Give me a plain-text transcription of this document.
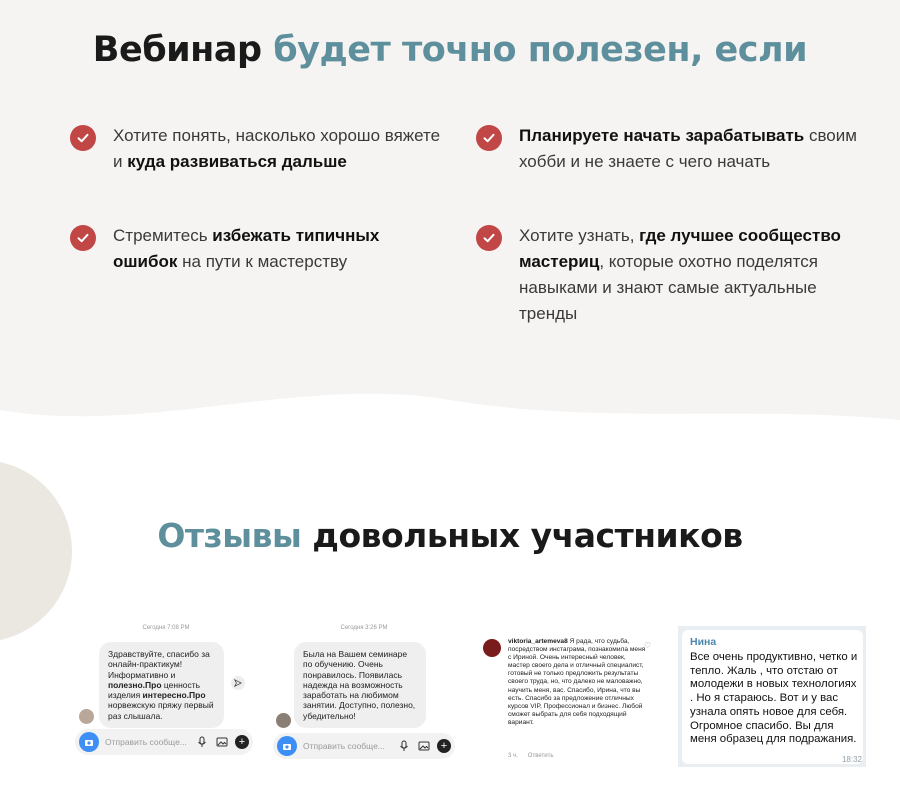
Вебинар будет точно полезен, если
Хотите понять, насколько хорошо вяжете и куда развиваться дальше
Планируете начать зарабатывать своим хобби и не знаете с чего начать
Стремитесь избежать типичных ошибок на пути к мастерству
Хотите узнать, где лучшее сообщество мастериц, которые охотно поделятся навыками и знают самые актуальные тренды
Отзывы довольных участников
Сегодня 7:08 PM
Здравствуйте, спасибо за онлайн-практикум! Информативно и полезно.Про ценность изделия интересно.Про норвежскую пряжу первый раз слышала.
Отправить сообще...	+
Сегодня 3:26 PM
Была на Вашем семинаре по обучению. Очень понравилось. Появилась надежда на возможность заработать на любимом занятии. Доступно, полезно, убедительно!
Отправить сообще...	+
viktoria_artemeva8 Я рада, что судьба, посредством инстаграма, познакомила меня с Ириной. Очень интересный человек, мастер своего дела и отличный специалист, готовый не только предложить результаты своего труда, но, что далеко не маловажно, научить меня, вас. Спасибо, Ирина, что вы есть. Спасибо за предложение отличных курсов VIP, Профессионал и бизнес. Любой сможет выбрать для себя подходящий вариант.
♡
3 ч. Ответить
Нина
Все очень продуктивно, четко и тепло. Жаль , что отстаю от молодежи в новых технологиях . Но я стараюсь. Вот и у вас узнала опять новое для себя. Огромное спасибо. Вы для меня образец для подражания.
18:32
